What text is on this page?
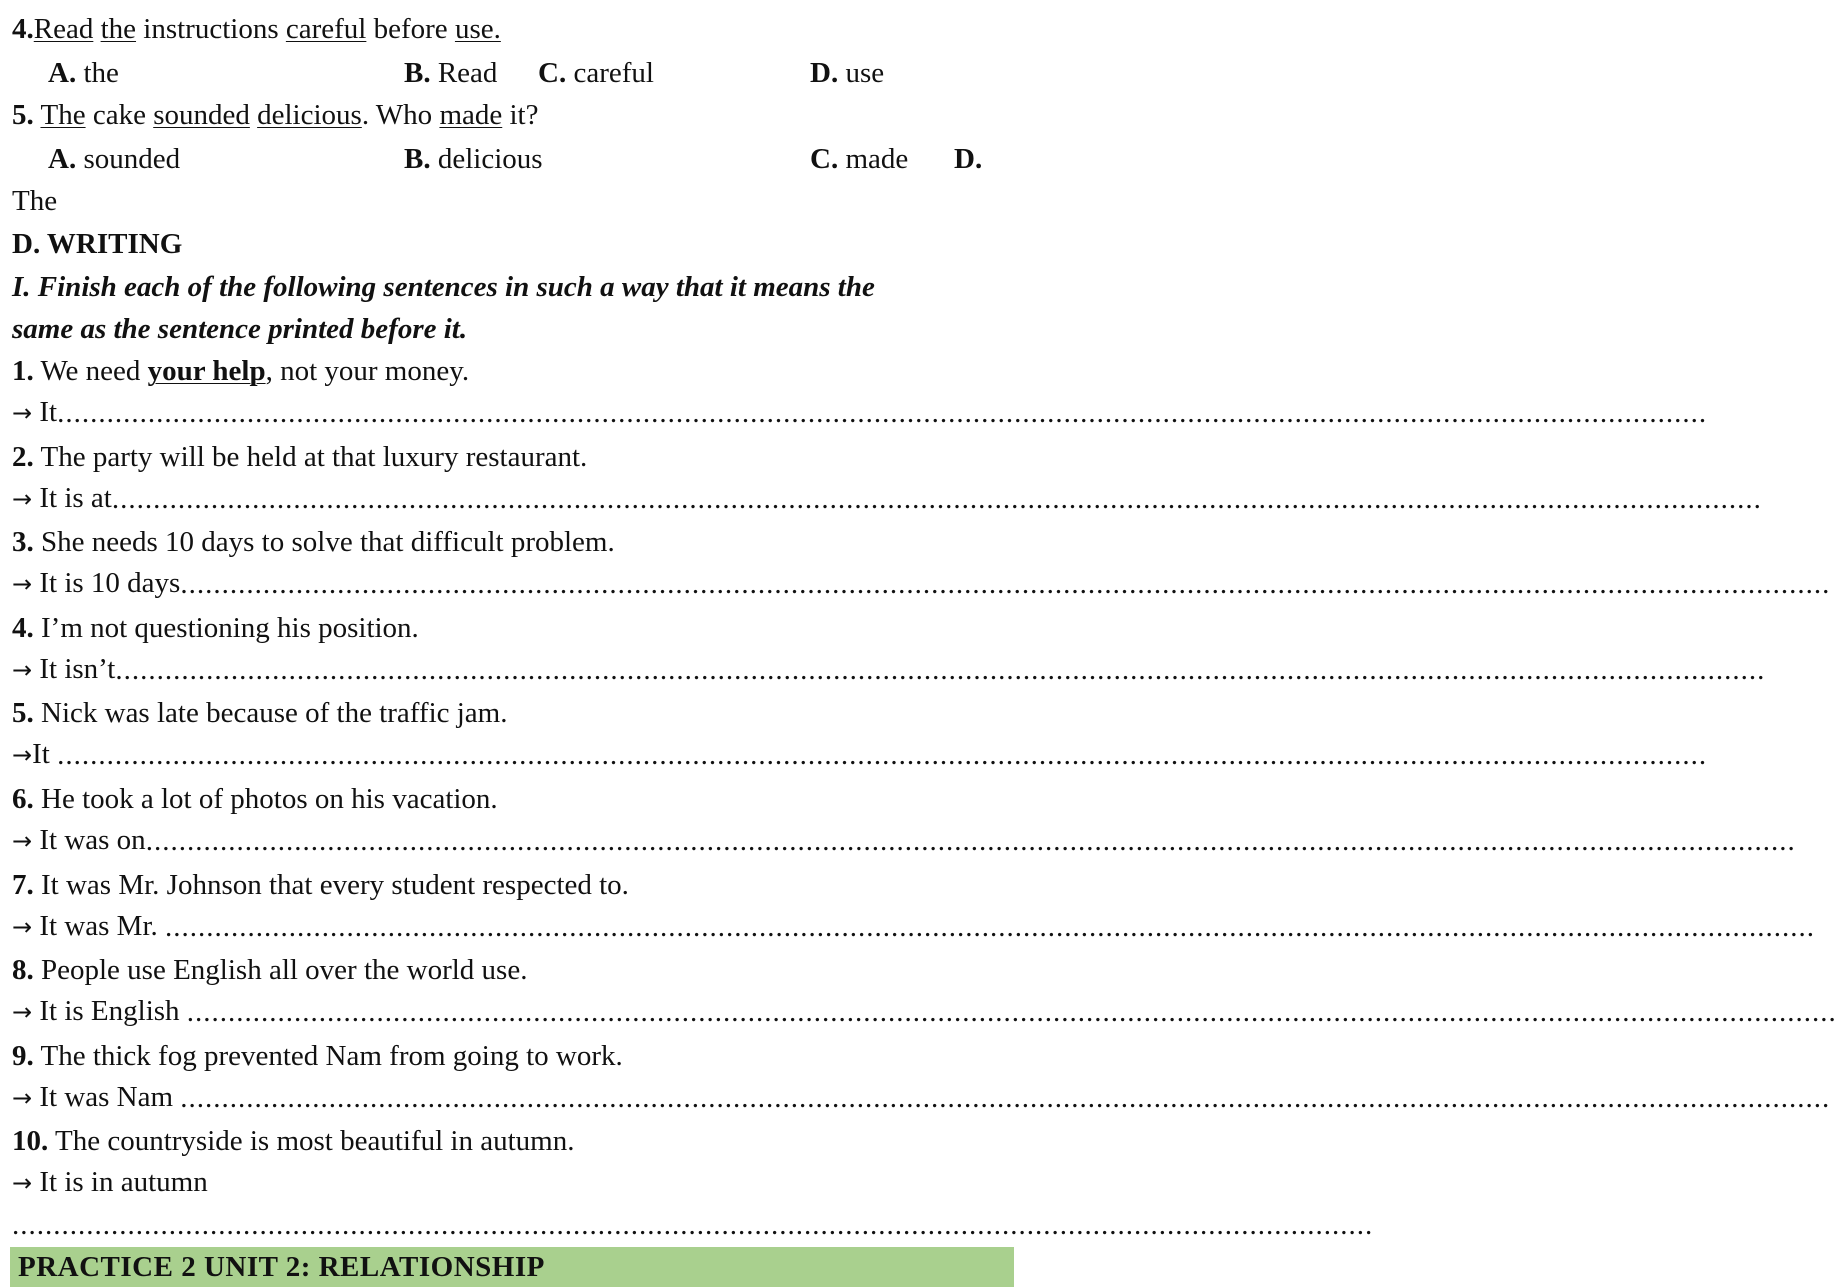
4.Read the instructions careful before use.
A. the	B. Read C. careful	D. use
5. The cake sounded delicious. Who made it?
A. sounded	B. delicious	C. made D.
The
D. WRITING
I. Finish each of the following sentences in such a way that it means the
same as the sentence printed before it.
1. We need your help, not your money.
→ It........................................................................................................................................................................................................
2. The party will be held at that luxury restaurant.
→ It is at........................................................................................................................................................................................................
3. She needs 10 days to solve that difficult problem.
→ It is 10 days........................................................................................................................................................................................................
4. I’m not questioning his position.
→ It isn’t........................................................................................................................................................................................................
5. Nick was late because of the traffic jam.
→It ........................................................................................................................................................................................................
6. He took a lot of photos on his vacation.
→ It was on........................................................................................................................................................................................................
7. It was Mr. Johnson that every student respected to.
→ It was Mr. ........................................................................................................................................................................................................
8. People use English all over the world use.
→ It is English ........................................................................................................................................................................................................
9. The thick fog prevented Nam from going to work.
→ It was Nam ........................................................................................................................................................................................................
10. The countryside is most beautiful in autumn.
→ It is in autumn
.....................................................................................................................................................................
PRACTICE 2 UNIT 2: RELATIONSHIP
